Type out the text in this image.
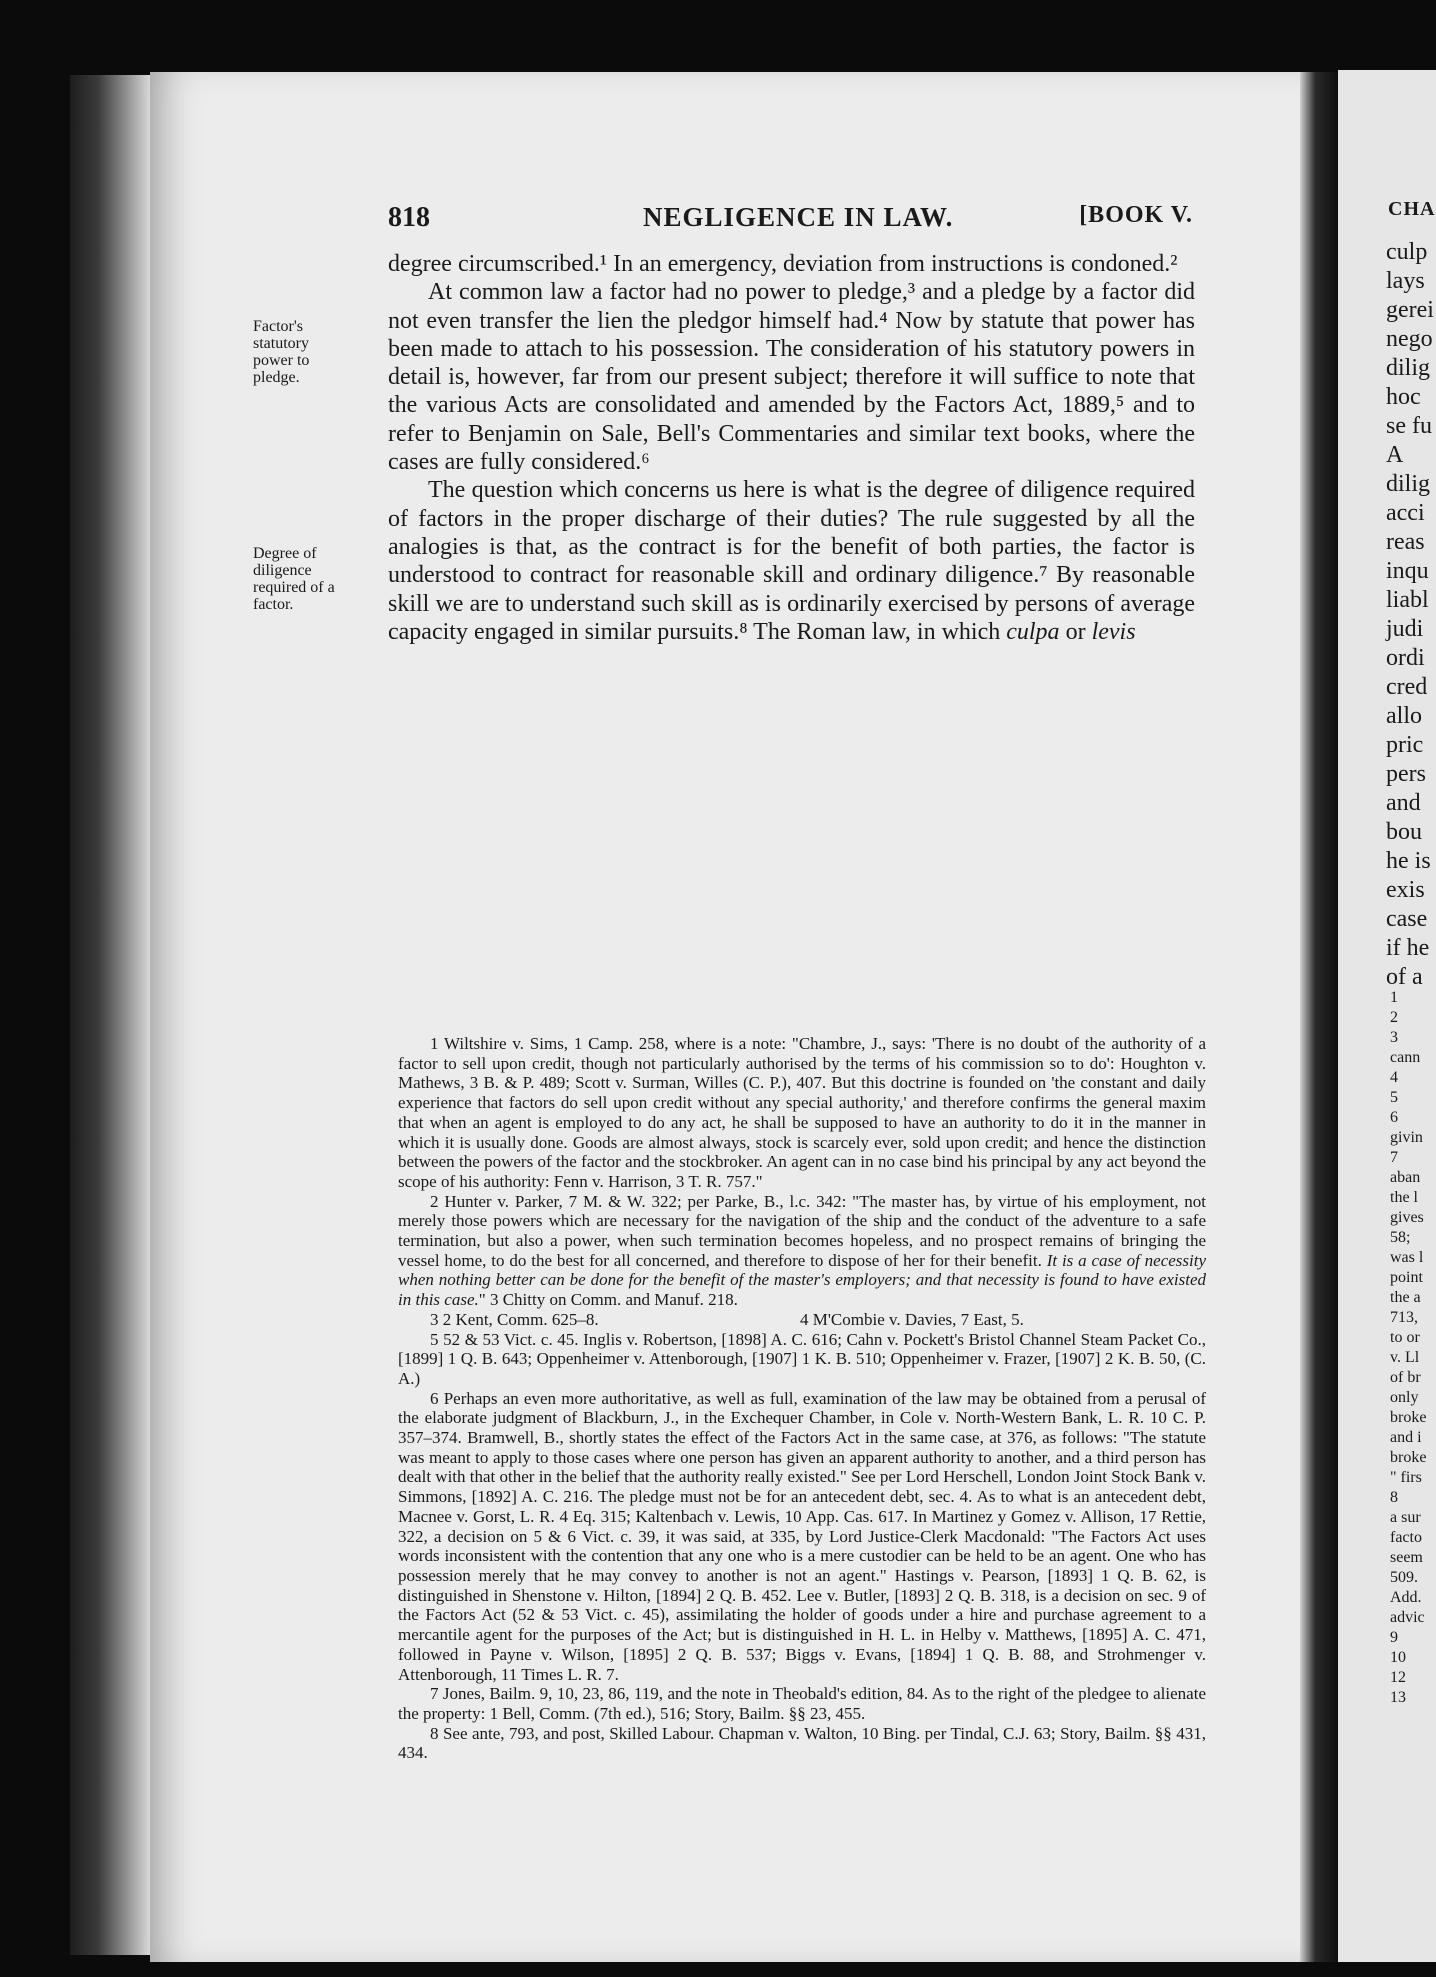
CHA
culp
lays
gerei
nego
dilig
hoc
se fu
A
dilig
acci
reas
inqu
liabl
judi
ordi
cred
allo
pric
pers
and
bou
he is
exis
case
if he
of a
1
2
3
cann
4
5
6
givin
7
aban
the l
gives
58;
was l
point
the a
713,
to or
v. Ll
of br
only
broke
and i
broke
" firs
8
a sur
facto
seem
509.
Add.
advic
9
10
12
13
818	NEGLIGENCE IN LAW.	[BOOK V.
Factor's statutory power to pledge.
Degree of diligence required of a factor.

degree circumscribed.¹ In an emergency, deviation from instructions is condoned.²

At common law a factor had no power to pledge,³ and a pledge by a factor did not even transfer the lien the pledgor himself had.⁴ Now by statute that power has been made to attach to his possession. The consideration of his statutory powers in detail is, however, far from our present subject; therefore it will suffice to note that the various Acts are consolidated and amended by the Factors Act, 1889,⁵ and to refer to Benjamin on Sale, Bell's Commentaries and similar text books, where the cases are fully considered.⁶

The question which concerns us here is what is the degree of diligence required of factors in the proper discharge of their duties? The rule suggested by all the analogies is that, as the contract is for the benefit of both parties, the factor is understood to contract for reasonable skill and ordinary diligence.⁷ By reasonable skill we are to understand such skill as is ordinarily exercised by persons of average capacity engaged in similar pursuits.⁸ The Roman law, in which culpa or levis

1 Wiltshire v. Sims, 1 Camp. 258, where is a note: "Chambre, J., says: 'There is no doubt of the authority of a factor to sell upon credit, though not particularly authorised by the terms of his commission so to do': Houghton v. Mathews, 3 B. & P. 489; Scott v. Surman, Willes (C. P.), 407. But this doctrine is founded on 'the constant and daily experience that factors do sell upon credit without any special authority,' and therefore confirms the general maxim that when an agent is employed to do any act, he shall be supposed to have an authority to do it in the manner in which it is usually done. Goods are almost always, stock is scarcely ever, sold upon credit; and hence the distinction between the powers of the factor and the stockbroker. An agent can in no case bind his principal by any act beyond the scope of his authority: Fenn v. Harrison, 3 T. R. 757."

2 Hunter v. Parker, 7 M. & W. 322; per Parke, B., l.c. 342: "The master has, by virtue of his employment, not merely those powers which are necessary for the navigation of the ship and the conduct of the adventure to a safe termination, but also a power, when such termination becomes hopeless, and no prospect remains of bringing the vessel home, to do the best for all concerned, and therefore to dispose of her for their benefit. It is a case of necessity when nothing better can be done for the benefit of the master's employers; and that necessity is found to have existed in this case." 3 Chitty on Comm. and Manuf. 218.

3 2 Kent, Comm. 625–8.	4 M'Combie v. Davies, 7 East, 5.

5 52 & 53 Vict. c. 45. Inglis v. Robertson, [1898] A. C. 616; Cahn v. Pockett's Bristol Channel Steam Packet Co., [1899] 1 Q. B. 643; Oppenheimer v. Attenborough, [1907] 1 K. B. 510; Oppenheimer v. Frazer, [1907] 2 K. B. 50, (C. A.)

6 Perhaps an even more authoritative, as well as full, examination of the law may be obtained from a perusal of the elaborate judgment of Blackburn, J., in the Exchequer Chamber, in Cole v. North-Western Bank, L. R. 10 C. P. 357–374. Bramwell, B., shortly states the effect of the Factors Act in the same case, at 376, as follows: "The statute was meant to apply to those cases where one person has given an apparent authority to another, and a third person has dealt with that other in the belief that the authority really existed." See per Lord Herschell, London Joint Stock Bank v. Simmons, [1892] A. C. 216. The pledge must not be for an antecedent debt, sec. 4. As to what is an antecedent debt, Macnee v. Gorst, L. R. 4 Eq. 315; Kaltenbach v. Lewis, 10 App. Cas. 617. In Martinez y Gomez v. Allison, 17 Rettie, 322, a decision on 5 & 6 Vict. c. 39, it was said, at 335, by Lord Justice-Clerk Macdonald: "The Factors Act uses words inconsistent with the contention that any one who is a mere custodier can be held to be an agent. One who has possession merely that he may convey to another is not an agent." Hastings v. Pearson, [1893] 1 Q. B. 62, is distinguished in Shenstone v. Hilton, [1894] 2 Q. B. 452. Lee v. Butler, [1893] 2 Q. B. 318, is a decision on sec. 9 of the Factors Act (52 & 53 Vict. c. 45), assimilating the holder of goods under a hire and purchase agreement to a mercantile agent for the purposes of the Act; but is distinguished in H. L. in Helby v. Matthews, [1895] A. C. 471, followed in Payne v. Wilson, [1895] 2 Q. B. 537; Biggs v. Evans, [1894] 1 Q. B. 88, and Strohmenger v. Attenborough, 11 Times L. R. 7.

7 Jones, Bailm. 9, 10, 23, 86, 119, and the note in Theobald's edition, 84. As to the right of the pledgee to alienate the property: 1 Bell, Comm. (7th ed.), 516; Story, Bailm. §§ 23, 455.

8 See ante, 793, and post, Skilled Labour. Chapman v. Walton, 10 Bing. per Tindal, C.J. 63; Story, Bailm. §§ 431, 434.
